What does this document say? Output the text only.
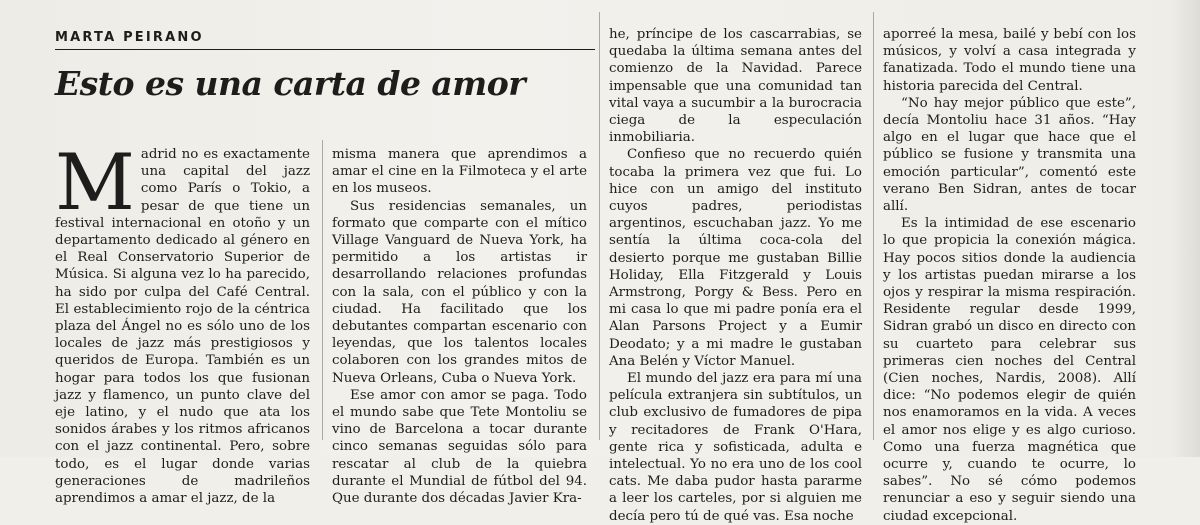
MARTA PEIRANO
Esto es una carta de amor
M adrid no es exactamente una capital del jazz como París o Tokio, a pesar de que tiene un festival internacional en otoño y un departamento dedicado al género en el Real Conservatorio Superior de Música. Si alguna vez lo ha parecido, ha sido por culpa del Café Central. El establecimiento rojo de la céntrica plaza del Ángel no es sólo uno de los locales de jazz más prestigiosos y queridos de Europa. También es un hogar para todos los que fusionan jazz y flamenco, un punto clave del eje latino, y el nudo que ata los sonidos árabes y los ritmos africanos con el jazz continental. Pero, sobre todo, es el lugar donde varias generaciones de madrileños aprendimos a amar el jazz, de la

misma manera que aprendimos a amar el cine en la Filmoteca y el arte en los museos.

Sus residencias semanales, un formato que comparte con el mítico Village Vanguard de Nueva York, ha permitido a los artistas ir desarrollando relaciones profundas con la sala, con el público y con la ciudad. Ha facilitado que los debutantes compartan escenario con leyendas, que los talentos locales colaboren con los grandes mitos de Nueva Orleans, Cuba o Nueva York.

Ese amor con amor se paga. Todo el mundo sabe que Tete Montoliu se vino de Barcelona a tocar durante cinco semanas seguidas sólo para rescatar al club de la quiebra durante el Mundial de fútbol del 94. Que durante dos décadas Javier Kra-

he, príncipe de los cascarrabias, se quedaba la última semana antes del comienzo de la Navidad. Parece impensable que una comunidad tan vital vaya a sucumbir a la burocracia ciega de la especulación inmobiliaria.

Confieso que no recuerdo quién tocaba la primera vez que fui. Lo hice con un amigo del instituto cuyos padres, periodistas argentinos, escuchaban jazz. Yo me sentía la última coca-cola del desierto porque me gustaban Billie Holiday, Ella Fitzgerald y Louis Armstrong, Porgy & Bess. Pero en mi casa lo que mi padre ponía era el Alan Parsons Project y a Eumir Deodato; y a mi madre le gustaban Ana Belén y Víctor Manuel.

El mundo del jazz era para mí una película extranjera sin subtítulos, un club exclusivo de fumadores de pipa y recitadores de Frank O'Hara, gente rica y sofisticada, adulta e intelectual. Yo no era uno de los cool cats. Me daba pudor hasta pararme a leer los carteles, por si alguien me decía pero tú de qué vas. Esa noche

aporreé la mesa, bailé y bebí con los músicos, y volví a casa integrada y fanatizada. Todo el mundo tiene una historia parecida del Central.

“No hay mejor público que este”, decía Montoliu hace 31 años. “Hay algo en el lugar que hace que el público se fusione y transmita una emoción particular”, comentó este verano Ben Sidran, antes de tocar allí.

Es la intimidad de ese escenario lo que propicia la conexión mágica. Hay pocos sitios donde la audiencia y los artistas puedan mirarse a los ojos y respirar la misma respiración. Residente regular desde 1999, Sidran grabó un disco en directo con su cuarteto para celebrar sus primeras cien noches del Central (Cien noches, Nardis, 2008). Allí dice: “No podemos elegir de quién nos enamoramos en la vida. A veces el amor nos elige y es algo curioso. Como una fuerza magnética que ocurre y, cuando te ocurre, lo sabes”. No sé cómo podemos renunciar a eso y seguir siendo una ciudad excepcional.
